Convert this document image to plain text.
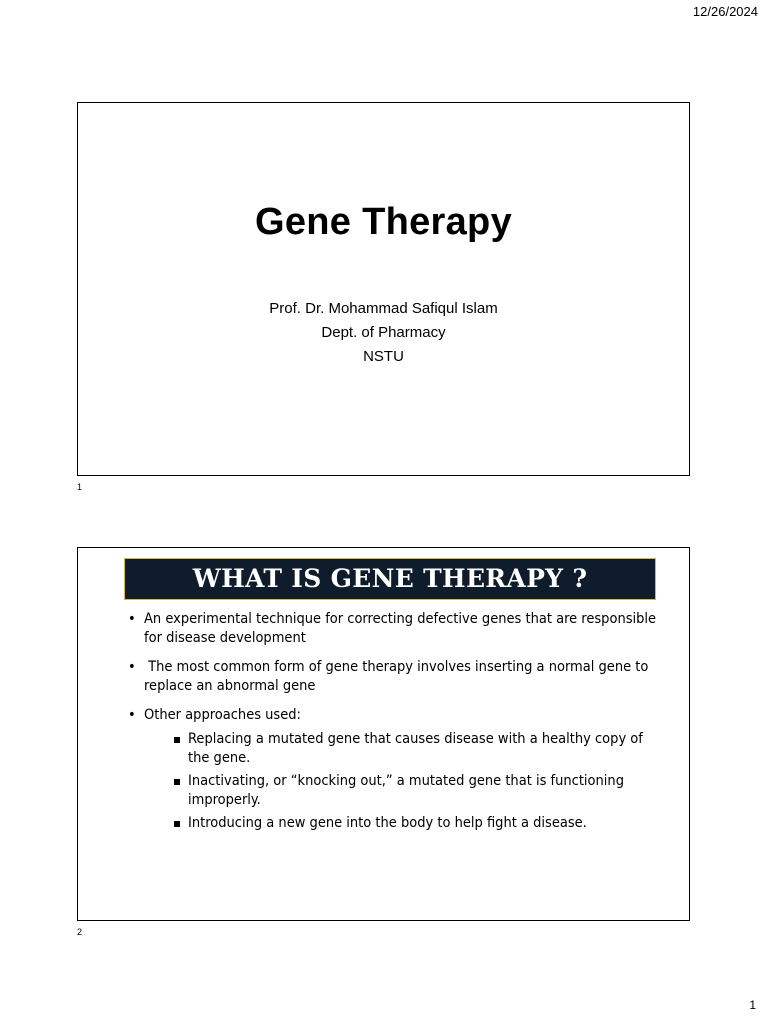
12/26/2024
Gene Therapy
Prof. Dr. Mohammad Safiqul Islam
Dept. of Pharmacy
NSTU
1
WHAT IS GENE THERAPY ?
• An experimental technique for correcting defective genes that are responsible for disease development
• The most common form of gene therapy involves inserting a normal gene to replace an abnormal gene
• Other approaches used:
Replacing a mutated gene that causes disease with a healthy copy of the gene.
Inactivating, or “knocking out,” a mutated gene that is functioning improperly.
Introducing a new gene into the body to help fight a disease.
2
1
